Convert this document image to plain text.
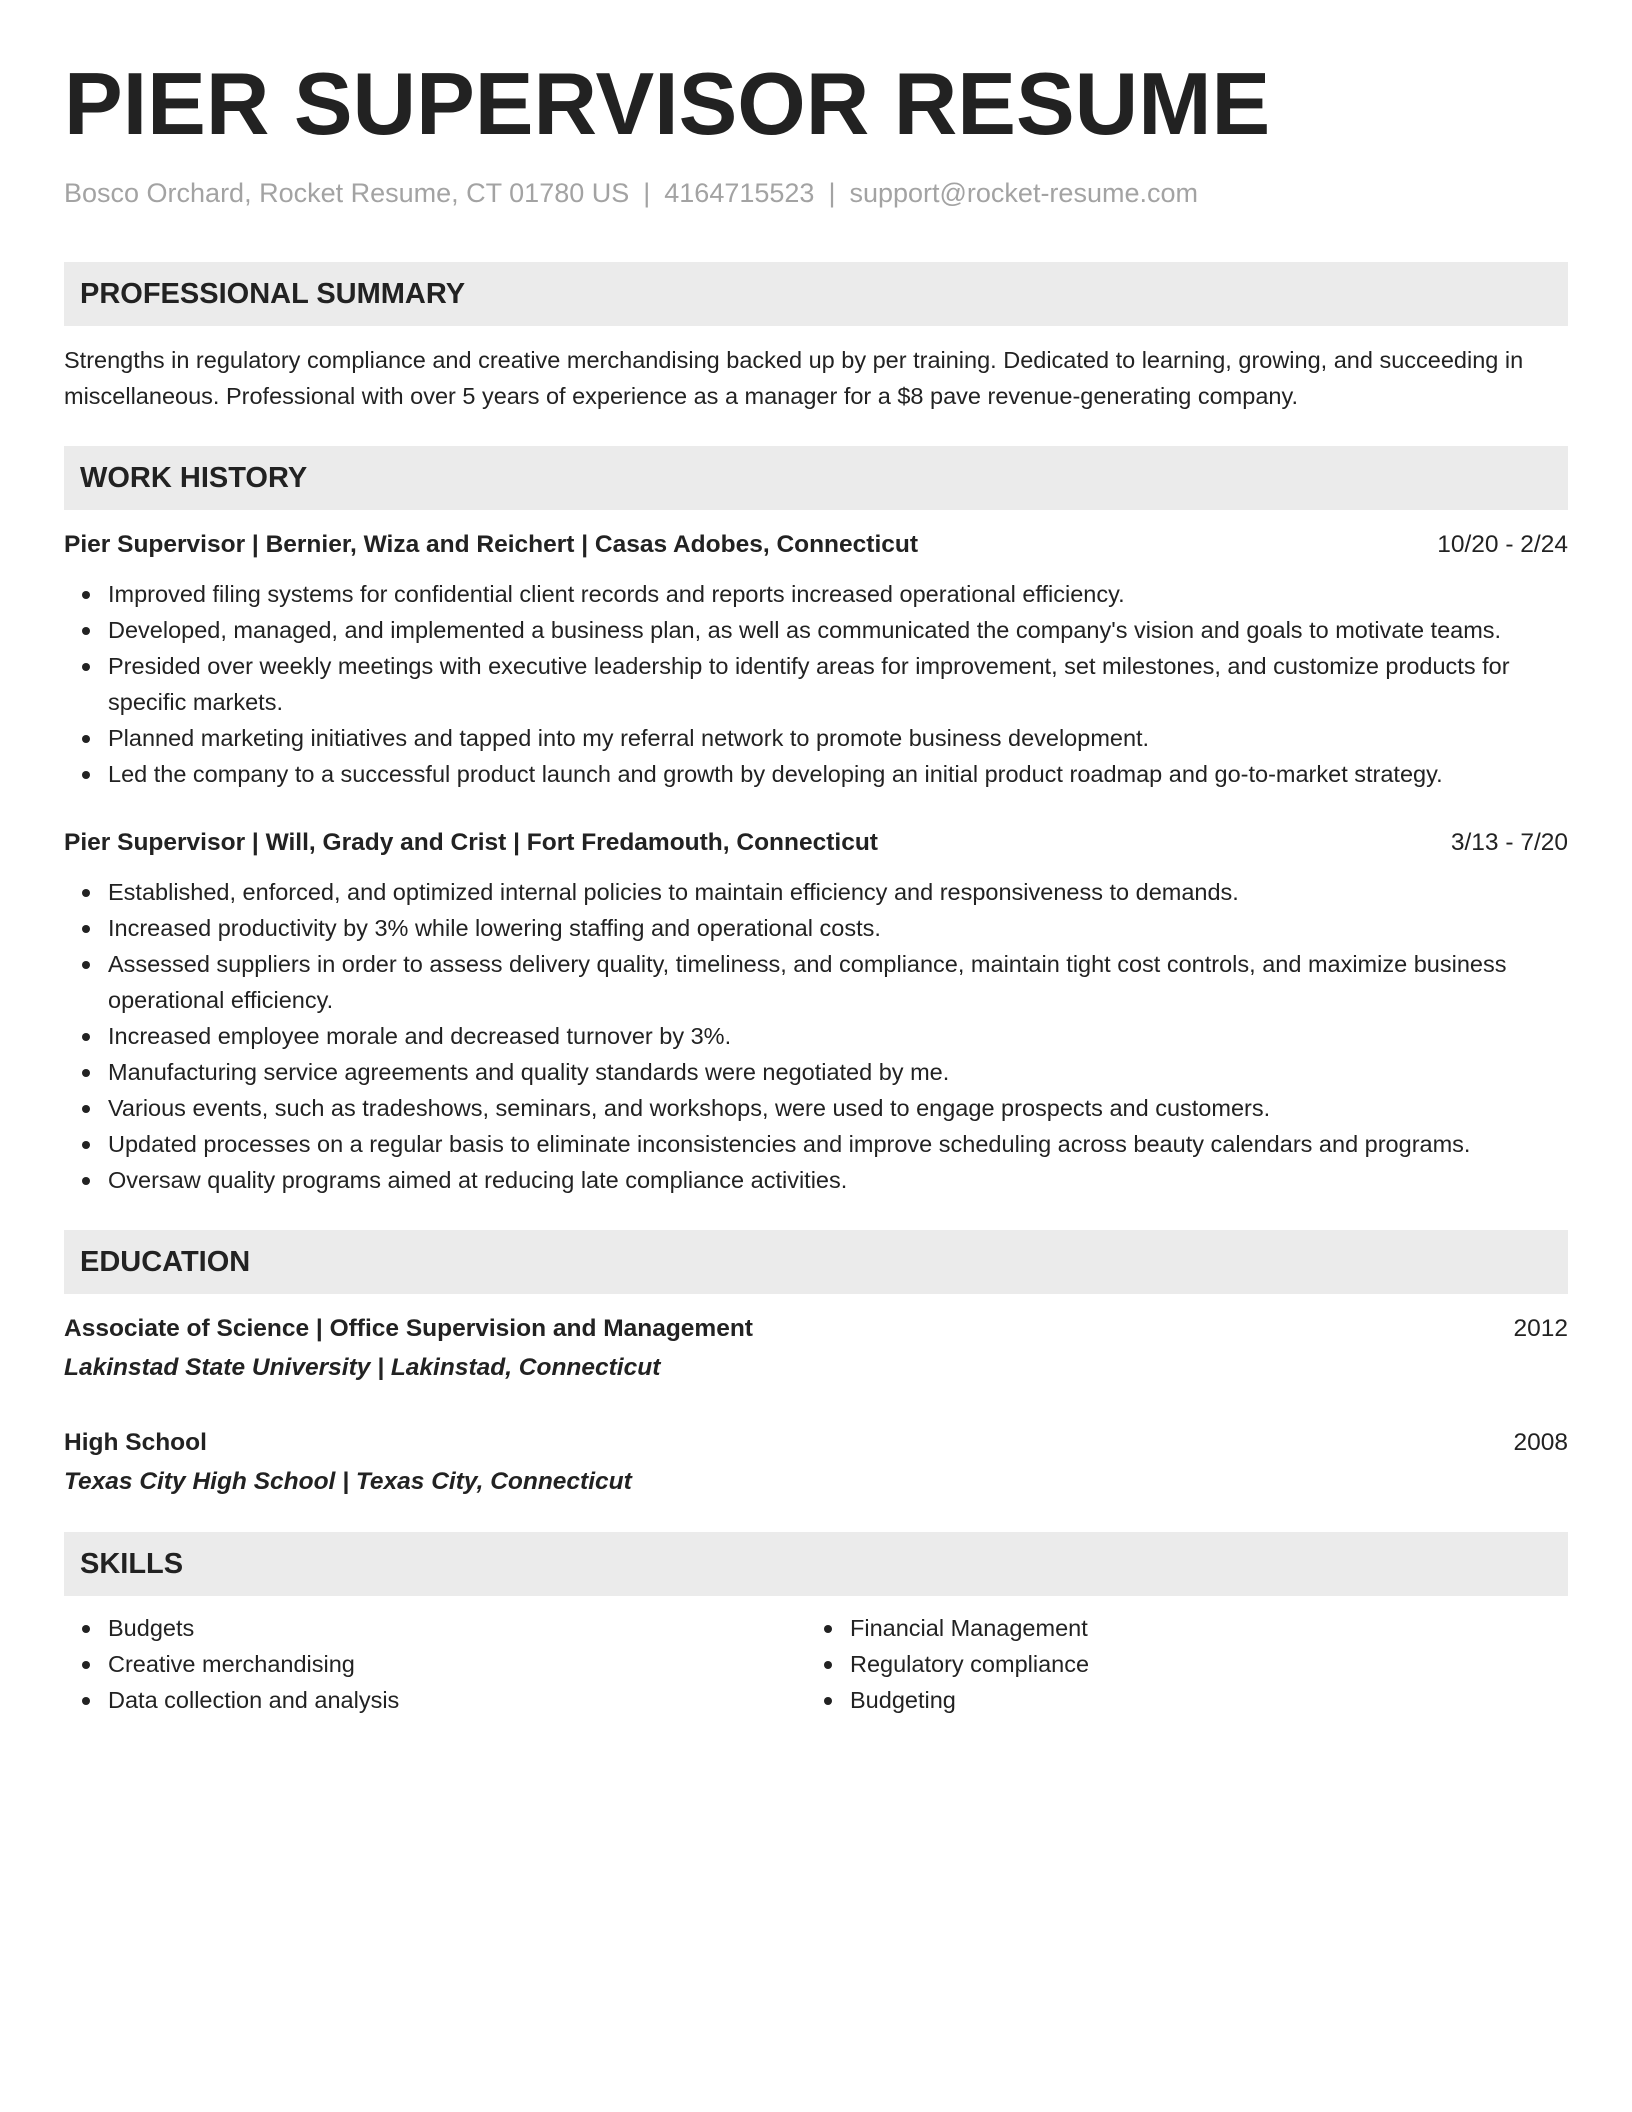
PIER SUPERVISOR RESUME
Bosco Orchard, Rocket Resume, CT 01780 US | 4164715523 | support@rocket-resume.com
PROFESSIONAL SUMMARY
Strengths in regulatory compliance and creative merchandising backed up by per training. Dedicated to learning, growing, and succeeding in miscellaneous. Professional with over 5 years of experience as a manager for a $8 pave revenue-generating company.
WORK HISTORY
Pier Supervisor | Bernier, Wiza and Reichert | Casas Adobes, Connecticut	10/20 - 2/24
Improved filing systems for confidential client records and reports increased operational efficiency.
Developed, managed, and implemented a business plan, as well as communicated the company's vision and goals to motivate teams.
Presided over weekly meetings with executive leadership to identify areas for improvement, set milestones, and customize products for specific markets.
Planned marketing initiatives and tapped into my referral network to promote business development.
Led the company to a successful product launch and growth by developing an initial product roadmap and go-to-market strategy.
Pier Supervisor | Will, Grady and Crist | Fort Fredamouth, Connecticut	3/13 - 7/20
Established, enforced, and optimized internal policies to maintain efficiency and responsiveness to demands.
Increased productivity by 3% while lowering staffing and operational costs.
Assessed suppliers in order to assess delivery quality, timeliness, and compliance, maintain tight cost controls, and maximize business operational efficiency.
Increased employee morale and decreased turnover by 3%.
Manufacturing service agreements and quality standards were negotiated by me.
Various events, such as tradeshows, seminars, and workshops, were used to engage prospects and customers.
Updated processes on a regular basis to eliminate inconsistencies and improve scheduling across beauty calendars and programs.
Oversaw quality programs aimed at reducing late compliance activities.
EDUCATION
Associate of Science | Office Supervision and Management	2012
Lakinstad State University | Lakinstad, Connecticut
High School	2008
Texas City High School | Texas City, Connecticut
SKILLS
Budgets
Creative merchandising
Data collection and analysis
Financial Management
Regulatory compliance
Budgeting
